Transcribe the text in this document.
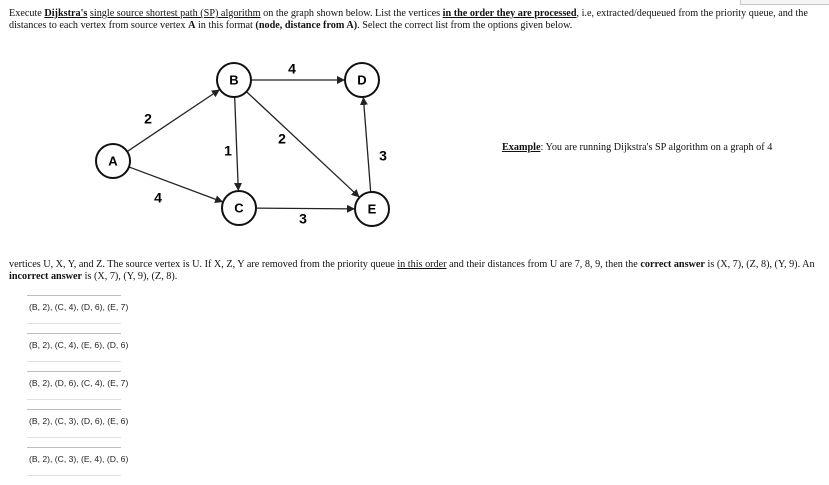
Execute Dijkstra's single source shortest path (SP) algorithm on the graph shown below. List the vertices in the order they are processed, i.e, extracted/dequeued from the priority queue, and the distances to each vertex from source vertex A in this format (node, distance from A). Select the correct list from the options given below.

2
4
1
4
2
3
3
A
B
C
D
E

Example: You are running Dijkstra's SP algorithm on a graph of 4

vertices U, X, Y, and Z. The source vertex is U. If X, Z, Y are removed from the priority queue in this order and their distances from U are 7, 8, 9, then the correct answer is (X, 7), (Z, 8), (Y, 9). An incorrect answer is (X, 7), (Y, 9), (Z, 8).

(B, 2), (C, 4), (D, 6), (E, 7)
(B, 2), (C, 4), (E, 6), (D, 6)
(B, 2), (D, 6), (C, 4), (E, 7)
(B, 2), (C, 3), (D, 6), (E, 6)
(B, 2), (C, 3), (E, 4), (D, 6)
